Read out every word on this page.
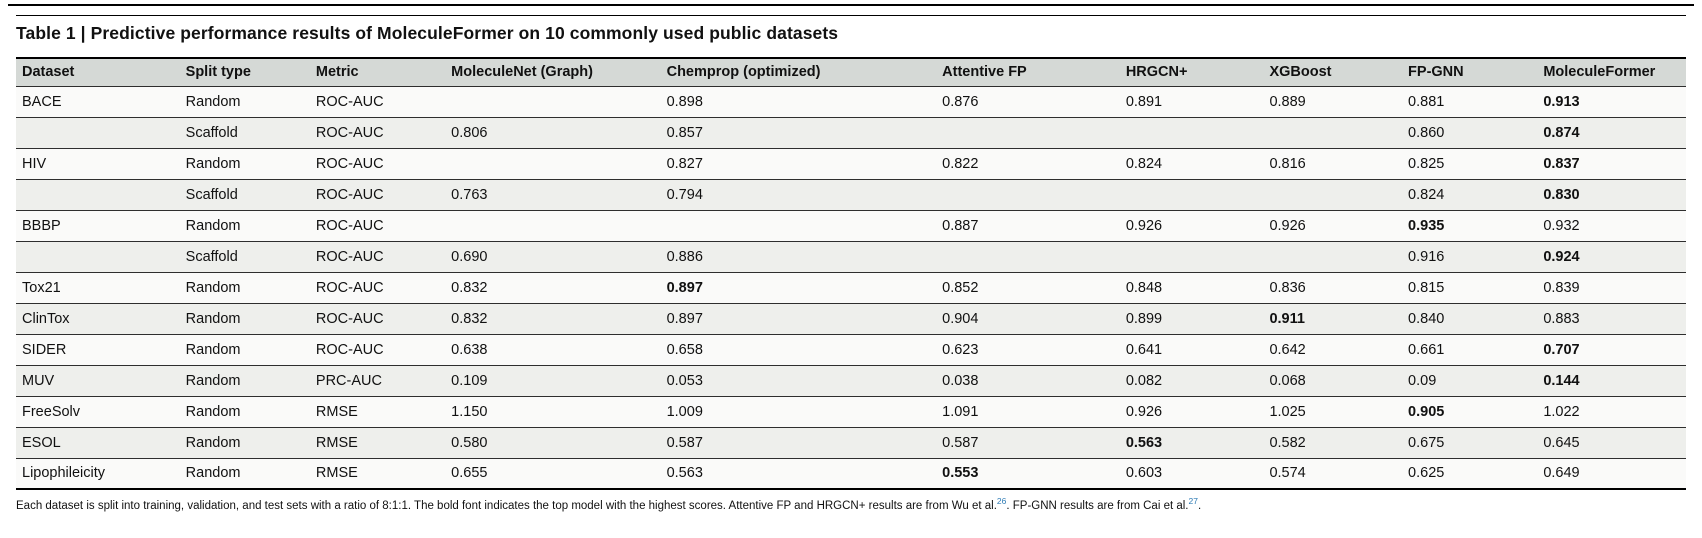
Table 1 | Predictive performance results of MoleculeFormer on 10 commonly used public datasets
Dataset	Split type	Metric	MoleculeNet (Graph)	Chemprop (optimized)	Attentive FP	HRGCN+	XGBoost	FP-GNN	MoleculeFormer
BACE	Random	ROC-AUC		0.898	0.876	0.891	0.889	0.881	0.913
	Scaffold	ROC-AUC	0.806	0.857				0.860	0.874
HIV	Random	ROC-AUC		0.827	0.822	0.824	0.816	0.825	0.837
	Scaffold	ROC-AUC	0.763	0.794				0.824	0.830
BBBP	Random	ROC-AUC			0.887	0.926	0.926	0.935	0.932
	Scaffold	ROC-AUC	0.690	0.886				0.916	0.924
Tox21	Random	ROC-AUC	0.832	0.897	0.852	0.848	0.836	0.815	0.839
ClinTox	Random	ROC-AUC	0.832	0.897	0.904	0.899	0.911	0.840	0.883
SIDER	Random	ROC-AUC	0.638	0.658	0.623	0.641	0.642	0.661	0.707
MUV	Random	PRC-AUC	0.109	0.053	0.038	0.082	0.068	0.09	0.144
FreeSolv	Random	RMSE	1.150	1.009	1.091	0.926	1.025	0.905	1.022
ESOL	Random	RMSE	0.580	0.587	0.587	0.563	0.582	0.675	0.645
Lipophileicity	Random	RMSE	0.655	0.563	0.553	0.603	0.574	0.625	0.649

Each dataset is split into training, validation, and test sets with a ratio of 8:1:1. The bold font indicates the top model with the highest scores. Attentive FP and HRGCN+ results are from Wu et al.$^{26}$. FP-GNN results are from Cai et al.$^{27}$.
